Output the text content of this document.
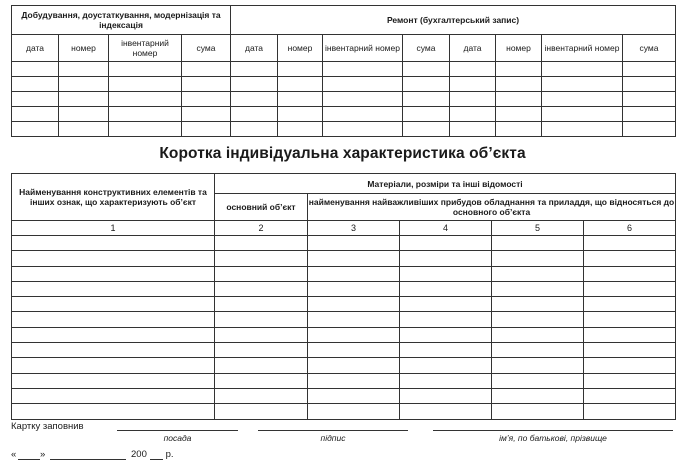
Добудування, доустаткування, модернізація та індексація				Ремонт (бухгалтерський запис)							
дата	номер	інвентарний номер	сума	дата	номер	інвентарний номер	сума	дата	номер	інвентарний номер	сума

Коротка індивідуальна характеристика об’єкта
Найменування конструктивних елементів та інших ознак, що характеризують об’єкт	Матеріали, розміри та інші відомості				
	основний об’єкт	найменування найважливіших прибудов обладнання та приладдя, що відносяться до основного об’єкта			
1	2	3	4	5	6

Картку заповнив
посада	підпис	ім’я, по батькові, прізвище
« »	200 р.
